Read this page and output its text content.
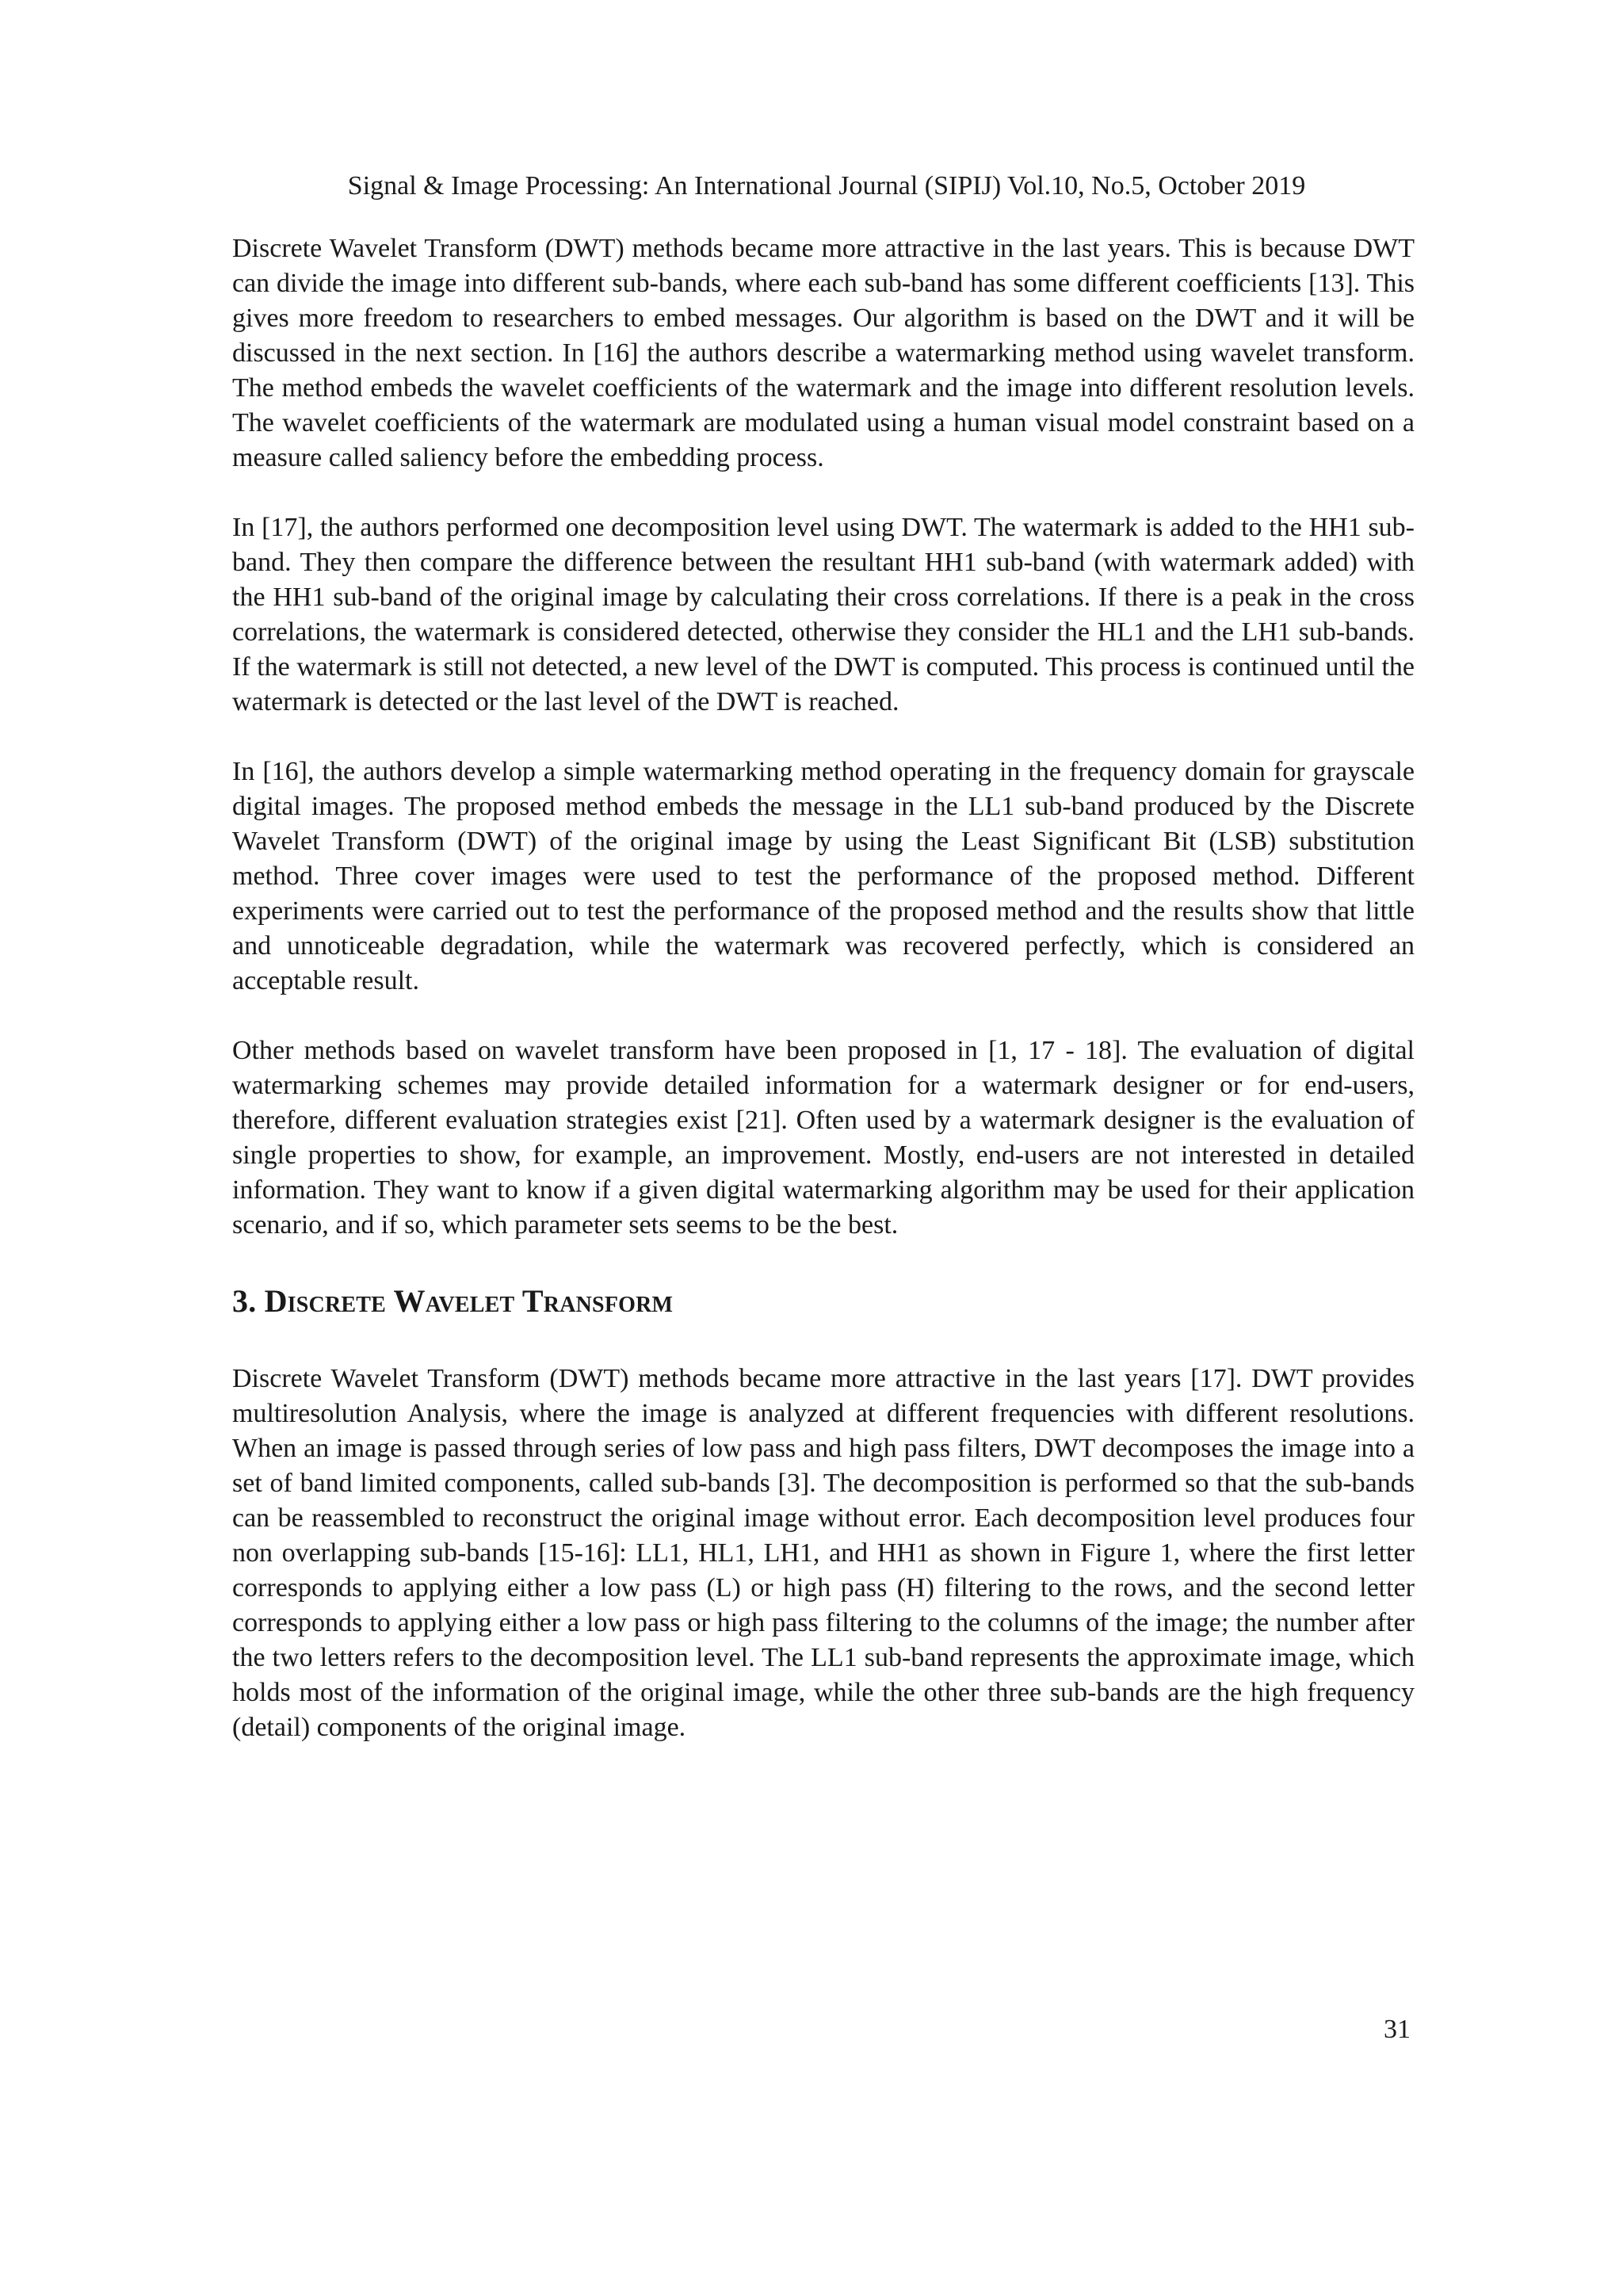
Signal & Image Processing: An International Journal (SIPIJ) Vol.10, No.5, October 2019

Discrete Wavelet Transform (DWT) methods became more attractive in the last years. This is because DWT can divide the image into different sub-bands, where each sub-band has some different coefficients [13]. This gives more freedom to researchers to embed messages. Our algorithm is based on the DWT and it will be discussed in the next section. In [16] the authors describe a watermarking method using wavelet transform. The method embeds the wavelet coefficients of the watermark and the image into different resolution levels. The wavelet coefficients of the watermark are modulated using a human visual model constraint based on a measure called saliency before the embedding process.

In [17], the authors performed one decomposition level using DWT. The watermark is added to the HH1 sub-band. They then compare the difference between the resultant HH1 sub-band (with watermark added) with the HH1 sub-band of the original image by calculating their cross correlations. If there is a peak in the cross correlations, the watermark is considered detected, otherwise they consider the HL1 and the LH1 sub-bands. If the watermark is still not detected, a new level of the DWT is computed. This process is continued until the watermark is detected or the last level of the DWT is reached.

In [16], the authors develop a simple watermarking method operating in the frequency domain for grayscale digital images. The proposed method embeds the message in the LL1 sub-band produced by the Discrete Wavelet Transform (DWT) of the original image by using the Least Significant Bit (LSB) substitution method. Three cover images were used to test the performance of the proposed method. Different experiments were carried out to test the performance of the proposed method and the results show that little and unnoticeable degradation, while the watermark was recovered perfectly, which is considered an acceptable result.

Other methods based on wavelet transform have been proposed in [1, 17 - 18]. The evaluation of digital watermarking schemes may provide detailed information for a watermark designer or for end-users, therefore, different evaluation strategies exist [21]. Often used by a watermark designer is the evaluation of single properties to show, for example, an improvement. Mostly, end-users are not interested in detailed information. They want to know if a given digital watermarking algorithm may be used for their application scenario, and if so, which parameter sets seems to be the best.

3. Discrete Wavelet Transform

Discrete Wavelet Transform (DWT) methods became more attractive in the last years [17]. DWT provides multiresolution Analysis, where the image is analyzed at different frequencies with different resolutions. When an image is passed through series of low pass and high pass filters, DWT decomposes the image into a set of band limited components, called sub-bands [3]. The decomposition is performed so that the sub-bands can be reassembled to reconstruct the original image without error. Each decomposition level produces four non overlapping sub-bands [15-16]: LL1, HL1, LH1, and HH1 as shown in Figure 1, where the first letter corresponds to applying either a low pass (L) or high pass (H) filtering to the rows, and the second letter corresponds to applying either a low pass or high pass filtering to the columns of the image; the number after the two letters refers to the decomposition level. The LL1 sub-band represents the approximate image, which holds most of the information of the original image, while the other three sub-bands are the high frequency (detail) components of the original image.

31
